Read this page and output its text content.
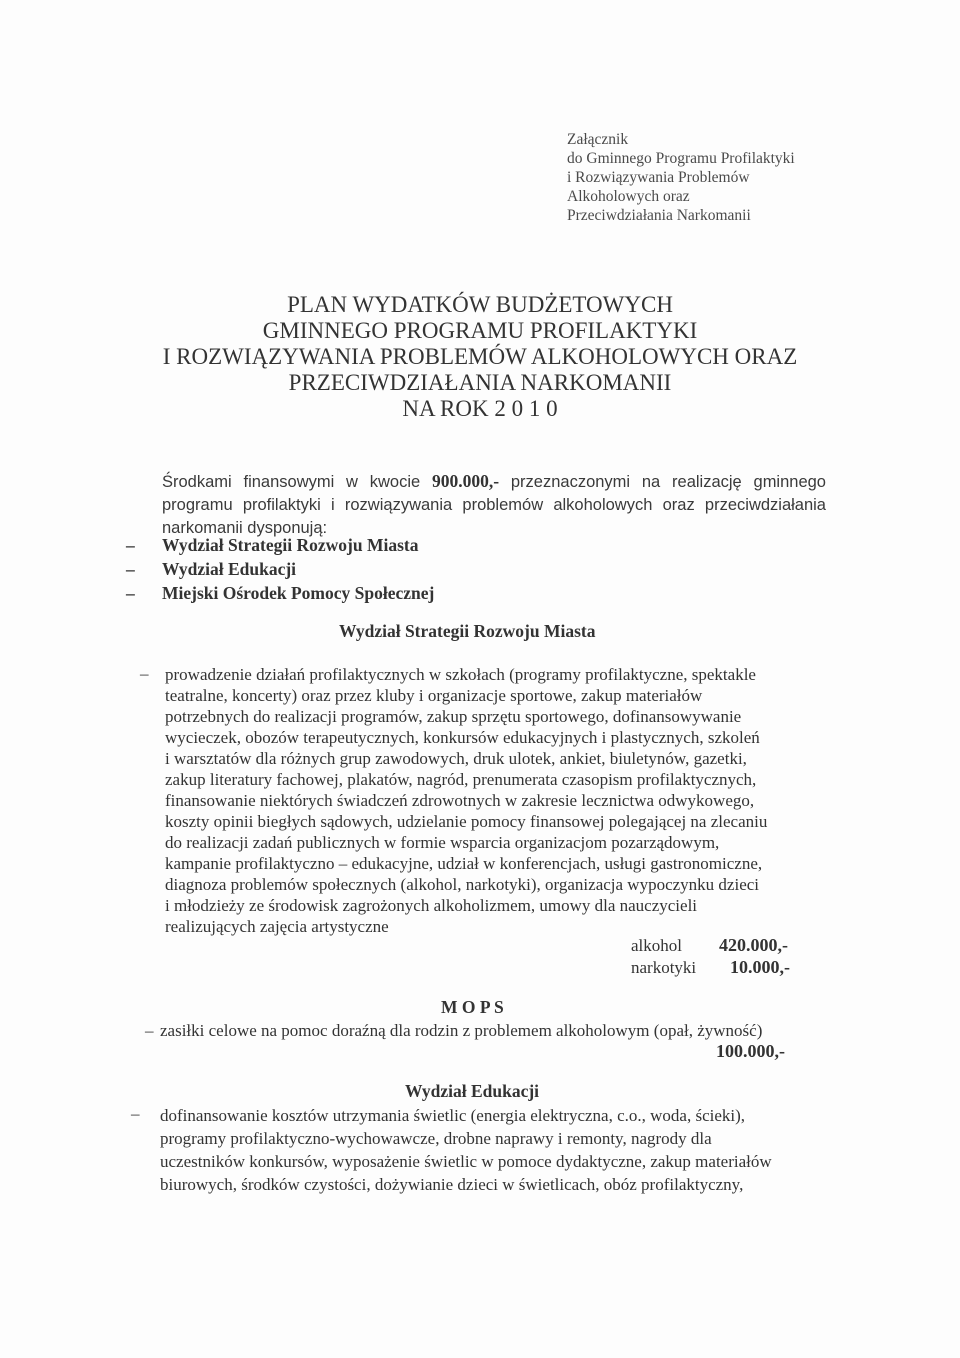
Załącznik
do Gminnego Programu Profilaktyki
i Rozwiązywania Problemów
Alkoholowych oraz
Przeciwdziałania Narkomanii
PLAN WYDATKÓW BUDŻETOWYCH
GMINNEGO PROGRAMU PROFILAKTYKI
I ROZWIĄZYWANIA PROBLEMÓW ALKOHOLOWYCH ORAZ
PRZECIWDZIAŁANIA NARKOMANII
NA ROK 2 0 1 0
Środkami finansowymi w kwocie 900.000,- przeznaczonymi na realizację gminnego programu profilaktyki i rozwiązywania problemów alkoholowych oraz przeciwdziałania narkomanii dysponują:
– Wydział Strategii Rozwoju Miasta
– Wydział Edukacji
– Miejski Ośrodek Pomocy Społecznej
Wydział Strategii Rozwoju Miasta
– prowadzenie działań profilaktycznych w szkołach (programy profilaktyczne, spektakle
teatralne, koncerty) oraz przez kluby i organizacje sportowe, zakup materiałów
potrzebnych do realizacji programów, zakup sprzętu sportowego, dofinansowywanie
wycieczek, obozów terapeutycznych, konkursów edukacyjnych i plastycznych, szkoleń
i warsztatów dla różnych grup zawodowych, druk ulotek, ankiet, biuletynów, gazetki,
zakup literatury fachowej, plakatów, nagród, prenumerata czasopism profilaktycznych,
finansowanie niektórych świadczeń zdrowotnych w zakresie lecznictwa odwykowego,
koszty opinii biegłych sądowych, udzielanie pomocy finansowej polegającej na zlecaniu
do realizacji zadań publicznych w formie wsparcia organizacjom pozarządowym,
kampanie profilaktyczno – edukacyjne, udział w konferencjach, usługi gastronomiczne,
diagnoza problemów społecznych (alkohol, narkotyki), organizacja wypoczynku dzieci
i młodzieży ze środowisk zagrożonych alkoholizmem, umowy dla nauczycieli
realizujących zajęcia artystyczne
alkohol 420.000,-
narkotyki 10.000,-
M O P S
– zasiłki celowe na pomoc doraźną dla rodzin z problemem alkoholowym (opał, żywność)
100.000,-
Wydział Edukacji
– dofinansowanie kosztów utrzymania świetlic (energia elektryczna, c.o., woda, ścieki),
programy profilaktyczno-wychowawcze, drobne naprawy i remonty, nagrody dla
uczestników konkursów, wyposażenie świetlic w pomoce dydaktyczne, zakup materiałów
biurowych, środków czystości, dożywianie dzieci w świetlicach, obóz profilaktyczny,
